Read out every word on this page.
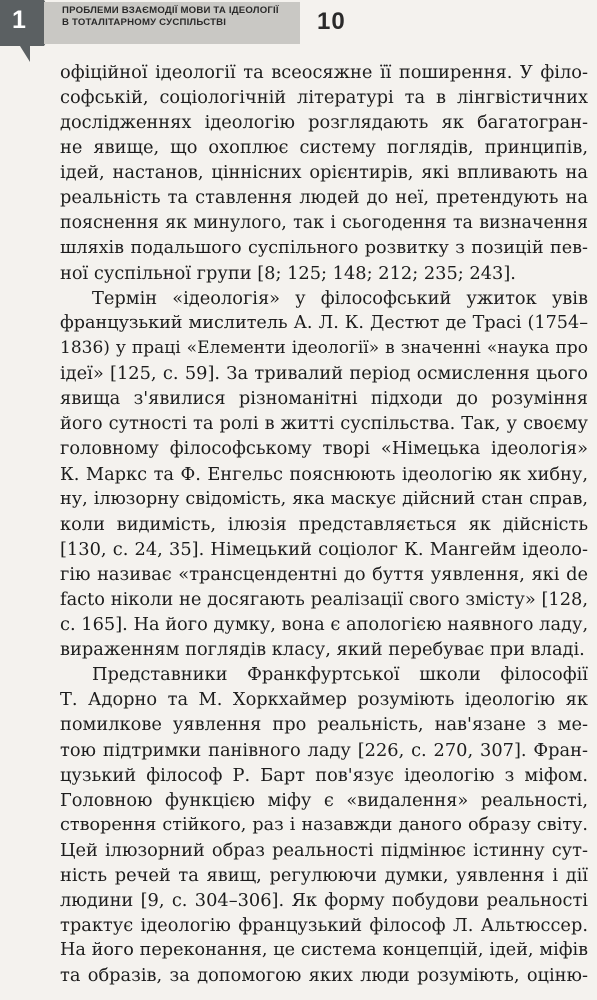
1	ПРОБЛЕМИ ВЗАЄМОДІЇ МОВИ ТА ІДЕОЛОГІЇ
В ТОТАЛІТАРНОМУ СУСПІЛЬСТВІ	10
офіційної ідеології та всеосяжне її поширення. У філо-
софській, соціологічній літературі та в лінгвістичних
дослідженнях ідеологію розглядають як багатогран-
не явище, що охоплює систему поглядів, принципів,
ідей, настанов, ціннісних орієнтирів, які впливають на
реальність та ставлення людей до неї, претендують на
пояснення як минулого, так і сьогодення та визначення
шляхів подальшого суспільного розвитку з позицій пев-
ної суспільної групи [8; 125; 148; 212; 235; 243].
Термін «ідеологія» у філософський ужиток увів
французький мислитель А. Л. К. Дестют де Трасі (1754–
1836) у праці «Елементи ідеології» в значенні «наука про
ідеї» [125, с. 59]. За тривалий період осмислення цього
явища з'явилися різноманітні підходи до розуміння
його сутності та ролі в житті суспільства. Так, у своєму
головному філософському творі «Німецька ідеологія»
К. Маркс та Ф. Енгельс пояснюють ідеологію як хибну,
ну, ілюзорну свідомість, яка маскує дійсний стан справ,
коли видимість, ілюзія представляється як дійсність
[130, с. 24, 35]. Німецький соціолог К. Мангейм ідеоло-
гію називає «трансцендентні до буття уявлення, які de
facto ніколи не досягають реалізації свого змісту» [128,
с. 165]. На його думку, вона є апологією наявного ладу,
вираженням поглядів класу, який перебуває при владі.
Представники Франкфуртської школи філософії
Т. Адорно та М. Хоркхаймер розуміють ідеологію як
помилкове уявлення про реальність, нав'язане з ме-
тою підтримки панівного ладу [226, с. 270, 307]. Фран-
цузький філософ Р. Барт пов'язує ідеологію з міфом.
Головною функцією міфу є «видалення» реальності,
створення стійкого, раз і назавжди даного образу світу.
Цей ілюзорний образ реальності підмінює істинну сут-
ність речей та явищ, регулюючи думки, уявлення і дії
людини [9, с. 304–306]. Як форму побудови реальності
трактує ідеологію французький філософ Л. Альтюссер.
На його переконання, це система концепцій, ідей, міфів
та образів, за допомогою яких люди розуміють, оціню-
